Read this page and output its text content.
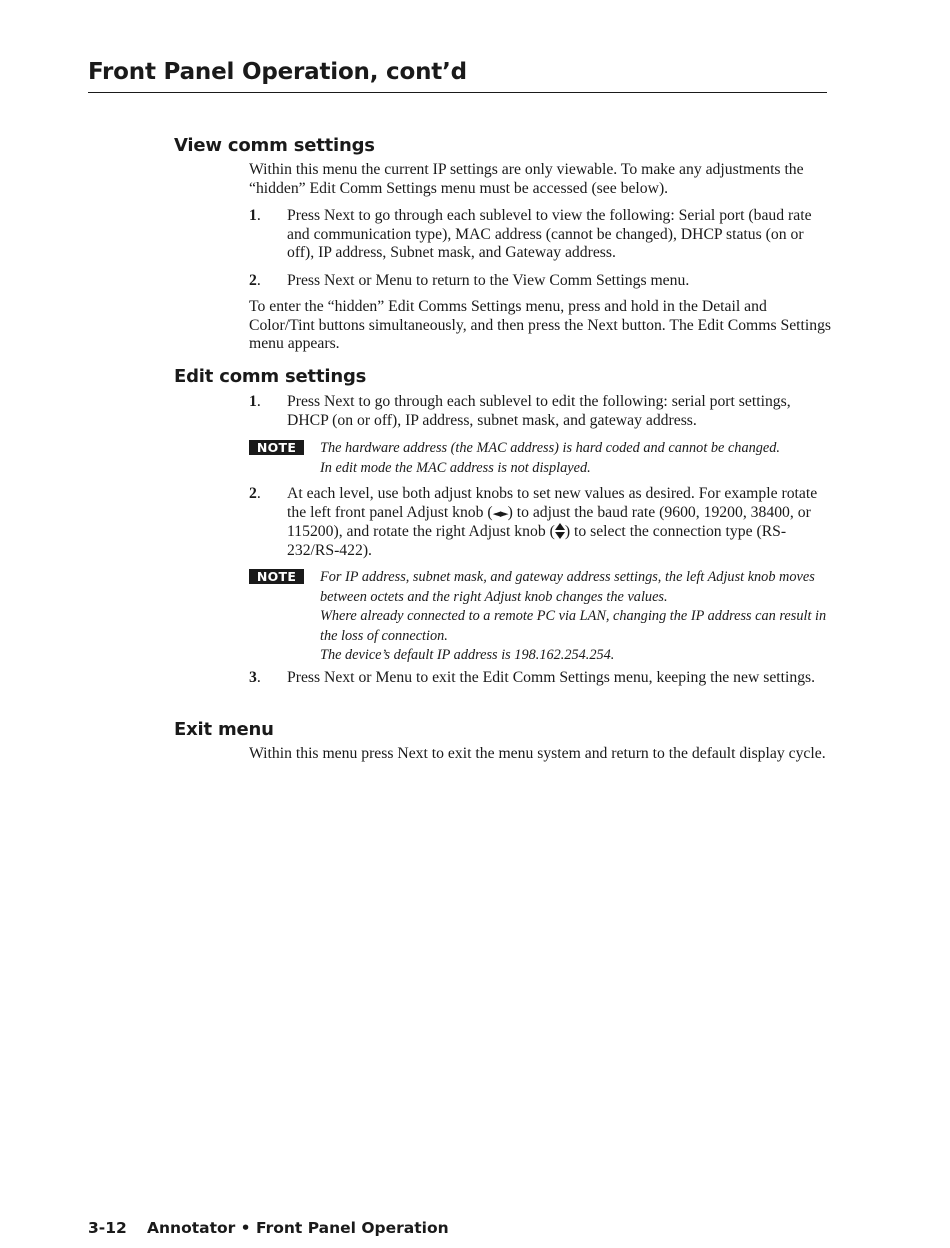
Front Panel Operation, cont’d
View comm settings

Within this menu the current IP settings are only viewable. To make any adjustments the “hidden” Edit Comm Settings menu must be accessed (see below).

1.	Press Next to go through each sublevel to view the following: Serial port (baud rate and communication type), MAC address (cannot be changed), DHCP status (on or off), IP address, Subnet mask, and Gateway address.

2.	Press Next or Menu to return to the View Comm Settings menu.

To enter the “hidden” Edit Comms Settings menu, press and hold in the Detail and Color/Tint buttons simultaneously, and then press the Next button. The Edit Comms Settings menu appears.

Edit comm settings
1.	Press Next to go through each sublevel to edit the following: serial port settings, DHCP (on or off), IP address, subnet mask, and gateway address.

NOTE	The hardware address (the MAC address) is hard coded and cannot be changed.
In edit mode the MAC address is not displayed.

2.	At each level, use both adjust knobs to set new values as desired. For example rotate the left front panel Adjust knob (◄►) to adjust the baud rate (9600, 19200, 38400, or 115200), and rotate the right Adjust knob ( ) to select the connection type (RS-232/RS-422).

NOTE	For IP address, subnet mask, and gateway address settings, the left Adjust knob moves between octets and the right Adjust knob changes the values.
Where already connected to a remote PC via LAN, changing the IP address can result in the loss of connection.
The device’s default IP address is 198.162.254.254.
3.	Press Next or Menu to exit the Edit Comm Settings menu, keeping the new settings.

Exit menu

Within this menu press Next to exit the menu system and return to the default display cycle.

3-12 Annotator • Front Panel Operation
